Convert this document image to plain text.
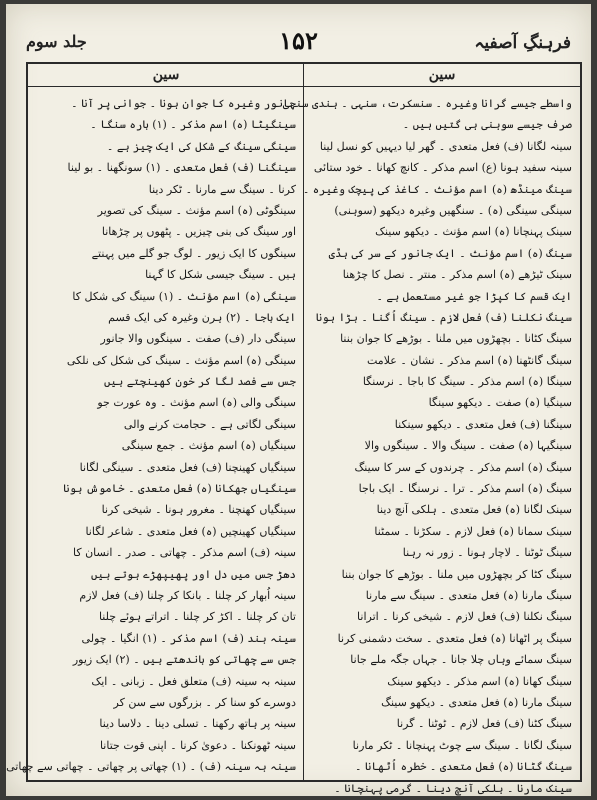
فرہنگِ آصفیہ
۱۵۲
جلد سوم
سین
واسطے جیسے گرانا وغیرہ ۔ سنسکرت، سنہی ۔ ہندی سنہی ۔
صرف جیسے سوہنی ہی گتیں ہیں ۔
سینہ لگانا (ف) فعل متعدی ۔ گھر لیا دیہیں کو نسل لینا
سینہ سفید ہونا (ع) اسم مذکر ۔ کانچ کھانا ۔ خود ستائی
سینگ مینڈھ (ہ) اسم مؤنث ۔ کاغذ کی پیچک وغیرہ ۔
سینگی سینگی (ہ) ۔ سنگھیں وغیرہ دیکھو (سوہنی)
سینک پہنچانا (ہ) اسم مؤنث ۔ دیکھو سینک
سینگ (ہ) اسم مؤنث ۔ ایک جانور کے سر کی ہڈی
سینک ٹیڑھے (ہ) اسم مذکر ۔ منتر ۔ نصل کا چڑھنا
ایک قسم کا کپڑا جو غیر مستعمل ہے ۔
سینگ نکلنا (ف) فعل لازم ۔ سینگ اُگنا ۔ بڑا ہونا
سینگ کٹانا ۔ بچھڑوں میں ملنا ۔ بوڑھے کا جوان بننا
سینگ گانٹھنا (ہ) اسم مذکر ۔ نشان ۔ علامت
سینگا (ہ) اسم مذکر ۔ سینگ کا باجا ۔ نرسنگا
سینگیا (ہ) صفت ۔ دیکھو سینگا
سینگنا (ف) فعل متعدی ۔ دیکھو سینکنا
سینگیہا (ہ) صفت ۔ سینگ والا ۔ سینگوں والا
سینگ (ہ) اسم مذکر ۔ چرندوں کے سر کا سینگ
سینگ (ہ) اسم مذکر ۔ ترا ۔ نرسنگا ۔ ایک باجا
سینک لگانا (ہ) فعل متعدی ۔ ہلکی آنچ دینا
سینک سمانا (ہ) فعل لازم ۔ سکڑنا ۔ سمٹنا
سینگ ٹوٹنا ۔ لاچار ہونا ۔ زور نہ رہنا
سینگ کٹا کر بچھڑوں میں ملنا ۔ بوڑھے کا جوان بننا
سینگ مارنا (ہ) فعل متعدی ۔ سینگ سے مارنا
سینگ نکلنا (ف) فعل لازم ۔ شیخی کرنا ۔ اترانا
سینگ پر اٹھانا (ہ) فعل متعدی ۔ سخت دشمنی کرنا
سینگ سمائے وہاں چلا جانا ۔ جہاں جگہ ملے جانا
سینگ کھانا (ہ) اسم مذکر ۔ دیکھو سینک
سینگ مارنا (ہ) فعل متعدی ۔ دیکھو سینگ
سینگ کٹنا (ف) فعل لازم ۔ ٹوٹنا ۔ گرنا
سینگ لگانا ۔ سینگ سے چوٹ پہنچانا ۔ ٹکر مارنا
سینگ گٹانا (ہ) فعل متعدی ۔ خطرہ اُٹھانا ۔
سینک مارنا ۔ ہلکی آنچ دینا ۔ گرمی پہنچانا ۔
سین
جانور وغیرہ کا جوان ہونا ۔ جوانی پر آنا ۔
سینگیٹا (ہ) اسم مذکر ۔ (۱) بارہ سنگا ۔
سینگی سینگ کے شکل کی ایک چیز ہے ۔
سینگنا (ف) فعل متعدی ۔ (۱) سونگھنا ۔ بو لینا
کرنا ۔ سینگ سے مارنا ۔ ٹکر دینا
سینگوٹی (ہ) اسم مؤنث ۔ سینگ کی تصویر
اور سینگ کی بنی چیزیں ۔ پٹھوں پر چڑھانا
سینگوں کا ایک زیور ۔ لوگ جو گلے میں پہنتے
ہیں ۔ سینگ جیسی شکل کا گہنا
سینگی (ہ) اسم مؤنث ۔ (۱) سینگ کی شکل کا
ایک باجا ۔ (۲) ہرن وغیرہ کی ایک قسم
سینگی دار (ف) صفت ۔ سینگوں والا جانور
سینگی (ہ) اسم مؤنث ۔ سینگ کی شکل کی نلکی
جس سے فصد لگا کر خون کھینچتے ہیں
سینگی والی (ہ) اسم مؤنث ۔ وہ عورت جو
سینگی لگاتی ہے ۔ حجامت کرنے والی
سینگیاں (ہ) اسم مؤنث ۔ جمع سینگی
سینگیاں کھینچنا (ف) فعل متعدی ۔ سینگی لگانا
سینگیاں جھکانا (ہ) فعل متعدی ۔ خاموش ہونا
سینگیاں کھنچنا ۔ مغرور ہونا ۔ شیخی کرنا
سینگیاں کھینچیں (ہ) فعل متعدی ۔ شاعر لگانا
سینہ (ف) اسم مذکر ۔ چھاتی ۔ صدر ۔ انسان کا
دھڑ جس میں دل اور پھیپھڑے ہوتے ہیں
سینہ اُبھار کر چلنا ۔ بانکا کر چلنا (ف) فعل لازم
تان کر چلنا ۔ اکڑ کر چلنا ۔ اتراتے ہوئے چلنا
سینہ بند (ف) اسم مذکر ۔ (۱) انگیا ۔ چولی
جس سے چھاتی کو باندھتے ہیں ۔ (۲) ایک زیور
سینہ بہ سینہ (ف) متعلق فعل ۔ زبانی ۔ ایک
دوسرے کو سنا کر ۔ بزرگوں سے سن کر
سینہ پر ہاتھ رکھنا ۔ تسلی دینا ۔ دلاسا دینا
سینہ ٹھونکنا ۔ دعویٰ کرنا ۔ اپنی قوت جتانا
سینہ بہ سینہ (ف) ۔ (۱) چھاتی پر چھاتی ۔ چھاتی سے چھاتی
